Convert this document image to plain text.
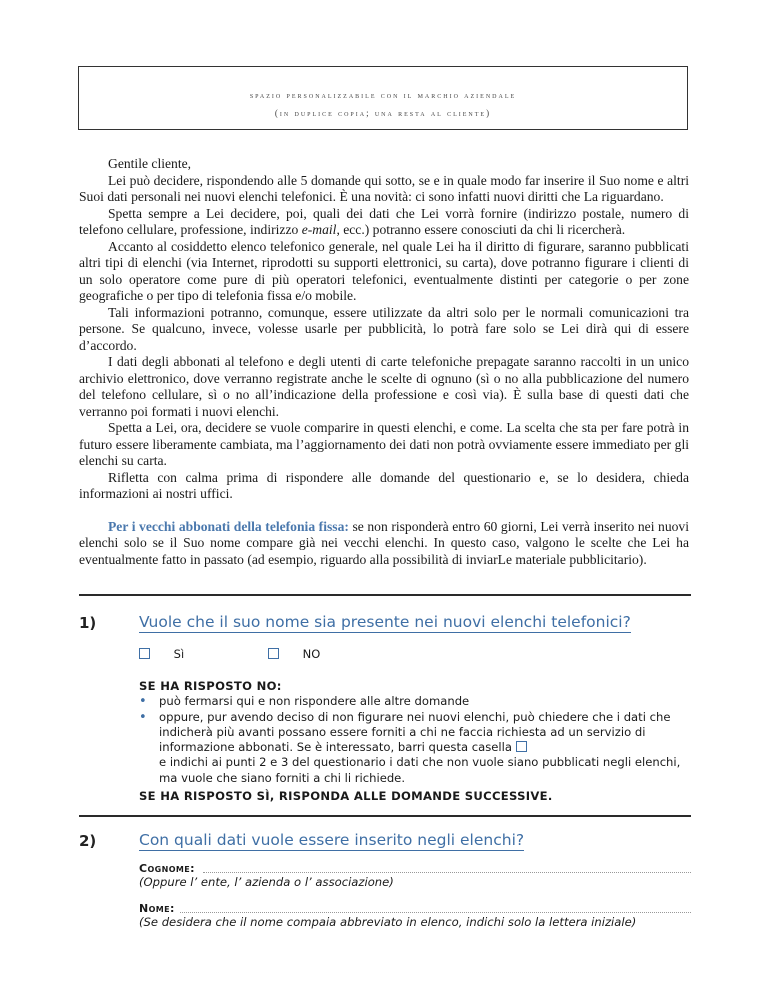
spazio personalizzabile con il marchio aziendale
(in duplice copia; una resta al cliente)

Gentile cliente,

Lei può decidere, rispondendo alle 5 domande qui sotto, se e in quale modo far inserire il Suo nome e altri Suoi dati personali nei nuovi elenchi telefonici. È una novità: ci sono infatti nuovi diritti che La riguardano.

Spetta sempre a Lei decidere, poi, quali dei dati che Lei vorrà fornire (indirizzo postale, numero di telefono cellulare, professione, indirizzo e-mail, ecc.) potranno essere conosciuti da chi li ricercherà.

Accanto al cosiddetto elenco telefonico generale, nel quale Lei ha il diritto di figurare, saranno pubblicati altri tipi di elenchi (via Internet, riprodotti su supporti elettronici, su carta), dove potranno figurare i clienti di un solo operatore come pure di più operatori telefonici, eventualmente distinti per categorie o per zone geografiche o per tipo di telefonia fissa e/o mobile.

Tali informazioni potranno, comunque, essere utilizzate da altri solo per le normali comunicazioni tra persone. Se qualcuno, invece, volesse usarle per pubblicità, lo potrà fare solo se Lei dirà qui di essere d’accordo.

I dati degli abbonati al telefono e degli utenti di carte telefoniche prepagate saranno raccolti in un unico archivio elettronico, dove verranno registrate anche le scelte di ognuno (sì o no alla pubblicazione del numero del telefono cellulare, sì o no all’indicazione della professione e così via). È sulla base di questi dati che verranno poi formati i nuovi elenchi.

Spetta a Lei, ora, decidere se vuole comparire in questi elenchi, e come. La scelta che sta per fare potrà in futuro essere liberamente cambiata, ma l’aggiornamento dei dati non potrà ovviamente essere immediato per gli elenchi su carta.

Rifletta con calma prima di rispondere alle domande del questionario e, se lo desidera, chieda informazioni ai nostri uffici.

Per i vecchi abbonati della telefonia fissa: se non risponderà entro 60 giorni, Lei verrà inserito nei nuovi elenchi solo se il Suo nome compare già nei vecchi elenchi. In questo caso, valgono le scelte che Lei ha eventualmente fatto in passato (ad esempio, riguardo alla possibilità di inviarLe materiale pubblicitario).

1)	Vuole che il suo nome sia presente nei nuovi elenchi telefonici?
Sì	NO
SE HA RISPOSTO NO:
• può fermarsi qui e non rispondere alle altre domande
• oppure, pur avendo deciso di non figurare nei nuovi elenchi, può chiedere che i dati che indicherà più avanti possano essere forniti a chi ne faccia richiesta ad un servizio di informazione abbonati. Se è interessato, barri questa casella
e indichi ai punti 2 e 3 del questionario i dati che non vuole siano pubblicati negli elenchi, ma vuole che siano forniti a chi li richiede.
SE HA RISPOSTO SÌ, RISPONDA ALLE DOMANDE SUCCESSIVE.
2)	Con quali dati vuole essere inserito negli elenchi?
Cognome:
(Oppure l’ ente, l’ azienda o l’ associazione)
Nome:
(Se desidera che il nome compaia abbreviato in elenco, indichi solo la lettera iniziale)
